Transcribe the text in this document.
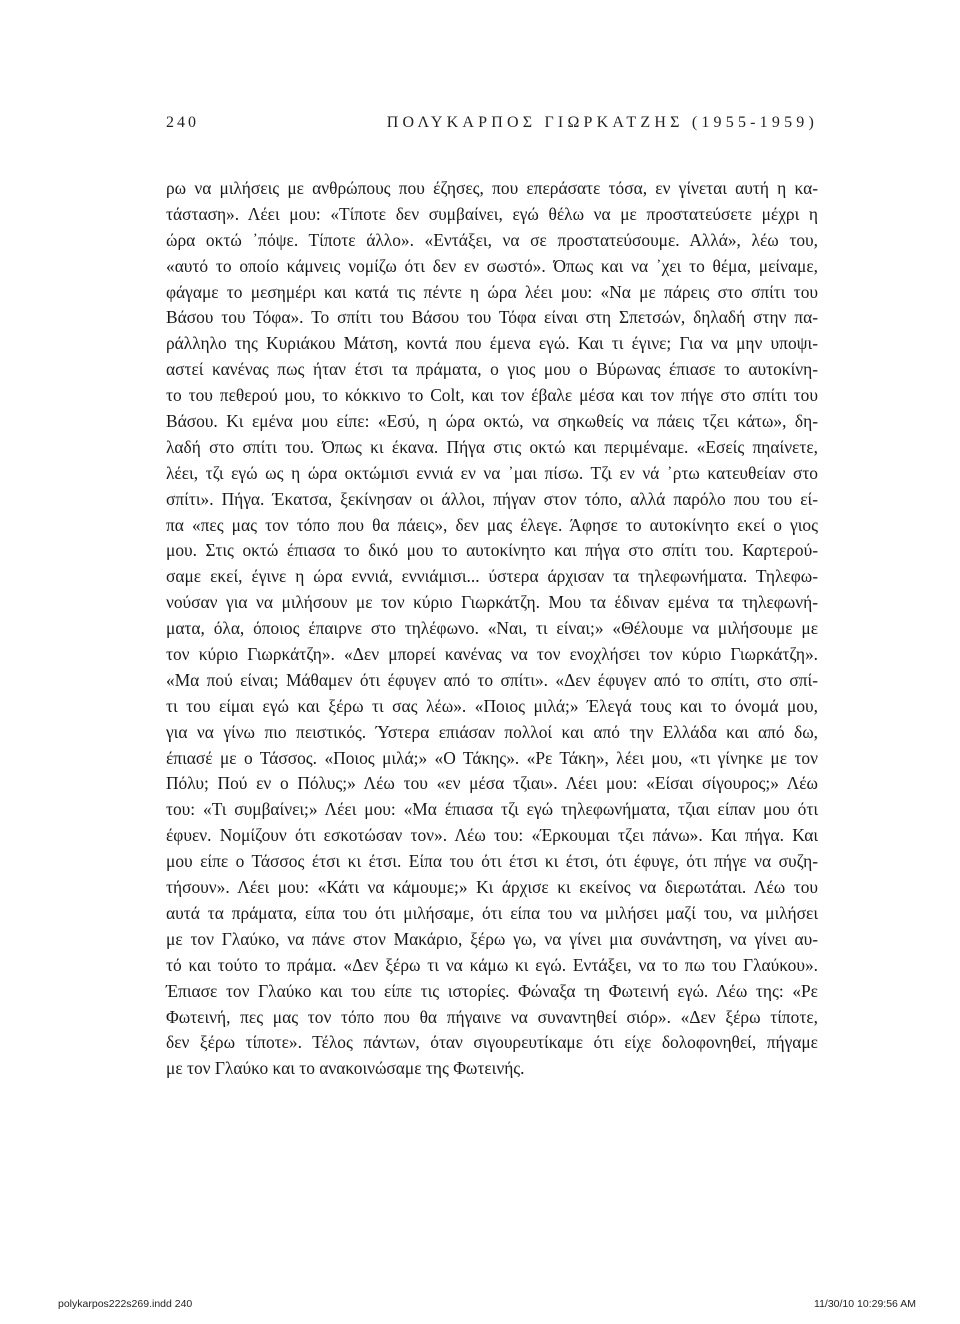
240	ΠΟΛΥΚΑΡΠΟΣ ΓΙΩΡΚΑΤΖΗΣ (1955-1959)
ρω να μιλήσεις με ανθρώπους που έζησες, που επεράσατε τόσα, εν γίνεται αυτή η κα-
τάσταση». Λέει μου: «Τίποτε δεν συμβαίνει, εγώ θέλω να με προστατεύσετε μέχρι η
ώρα οκτώ ᾽πόψε. Τίποτε άλλο». «Εντάξει, να σε προστατεύσουμε. Αλλά», λέω του,
«αυτό το οποίο κάμνεις νομίζω ότι δεν εν σωστό». Όπως και να ᾽χει το θέμα, μείναμε,
φάγαμε το μεσημέρι και κατά τις πέντε η ώρα λέει μου: «Να με πάρεις στο σπίτι του
Βάσου του Τόφα». Το σπίτι του Βάσου του Τόφα είναι στη Σπετσών, δηλαδή στην πα-
ράλληλο της Κυριάκου Μάτση, κοντά που έμενα εγώ. Και τι έγινε; Για να μην υποψι-
αστεί κανένας πως ήταν έτσι τα πράματα, ο γιος μου ο Βύρωνας έπιασε το αυτοκίνη-
το του πεθερού μου, το κόκκινο το Colt, και τον έβαλε μέσα και τον πήγε στο σπίτι του
Βάσου. Κι εμένα μου είπε: «Εσύ, η ώρα οκτώ, να σηκωθείς να πάεις τζει κάτω», δη-
λαδή στο σπίτι του. Όπως κι έκανα. Πήγα στις οκτώ και περιμέναμε. «Εσείς πηαίνετε,
λέει, τζι εγώ ως η ώρα οκτώμισι εννιά εν να ᾽μαι πίσω. Τζι εν νά ᾽ρτω κατευθείαν στο
σπίτι». Πήγα. Έκατσα, ξεκίνησαν οι άλλοι, πήγαν στον τόπο, αλλά παρόλο που του εί-
πα «πες μας τον τόπο που θα πάεις», δεν μας έλεγε. Άφησε το αυτοκίνητο εκεί ο γιος
μου. Στις οκτώ έπιασα το δικό μου το αυτοκίνητο και πήγα στο σπίτι του. Καρτερού-
σαμε εκεί, έγινε η ώρα εννιά, εννιάμισι... ύστερα άρχισαν τα τηλεφωνήματα. Τηλεφω-
νούσαν για να μιλήσουν με τον κύριο Γιωρκάτζη. Μου τα έδιναν εμένα τα τηλεφωνή-
ματα, όλα, όποιος έπαιρνε στο τηλέφωνο. «Ναι, τι είναι;» «Θέλουμε να μιλήσουμε με
τον κύριο Γιωρκάτζη». «Δεν μπορεί κανένας να τον ενοχλήσει τον κύριο Γιωρκάτζη».
«Μα πού είναι; Μάθαμεν ότι έφυγεν από το σπίτι». «Δεν έφυγεν από το σπίτι, στο σπί-
τι του είμαι εγώ και ξέρω τι σας λέω». «Ποιος μιλά;» Έλεγά τους και το όνομά μου,
για να γίνω πιο πειστικός. Ύστερα επιάσαν πολλοί και από την Ελλάδα και από δω,
έπιασέ με ο Τάσσος. «Ποιος μιλά;» «Ο Τάκης». «Ρε Τάκη», λέει μου, «τι γίνηκε με τον
Πόλυ; Πού εν ο Πόλυς;» Λέω του «εν μέσα τζιαι». Λέει μου: «Είσαι σίγουρος;» Λέω
του: «Τι συμβαίνει;» Λέει μου: «Μα έπιασα τζι εγώ τηλεφωνήματα, τζιαι είπαν μου ότι
έφυεν. Νομίζουν ότι εσκοτώσαν τον». Λέω του: «Έρκουμαι τζει πάνω». Και πήγα. Και
μου είπε ο Τάσσος έτσι κι έτσι. Είπα του ότι έτσι κι έτσι, ότι έφυγε, ότι πήγε να συζη-
τήσουν». Λέει μου: «Κάτι να κάμουμε;» Κι άρχισε κι εκείνος να διερωτάται. Λέω του
αυτά τα πράματα, είπα του ότι μιλήσαμε, ότι είπα του να μιλήσει μαζί του, να μιλήσει
με τον Γλαύκο, να πάνε στον Μακάριο, ξέρω γω, να γίνει μια συνάντηση, να γίνει αυ-
τό και τούτο το πράμα. «Δεν ξέρω τι να κάμω κι εγώ. Εντάξει, να το πω του Γλαύκου».
Έπιασε τον Γλαύκο και του είπε τις ιστορίες. Φώναξα τη Φωτεινή εγώ. Λέω της: «Ρε
Φωτεινή, πες μας τον τόπο που θα πήγαινε να συναντηθεί σιόρ». «Δεν ξέρω τίποτε,
δεν ξέρω τίποτε». Τέλος πάντων, όταν σιγουρευτίκαμε ότι είχε δολοφονηθεί, πήγαμε
με τον Γλαύκο και το ανακοινώσαμε της Φωτεινής.
polykarpos222s269.indd 240	11/30/10 10:29:56 AM
